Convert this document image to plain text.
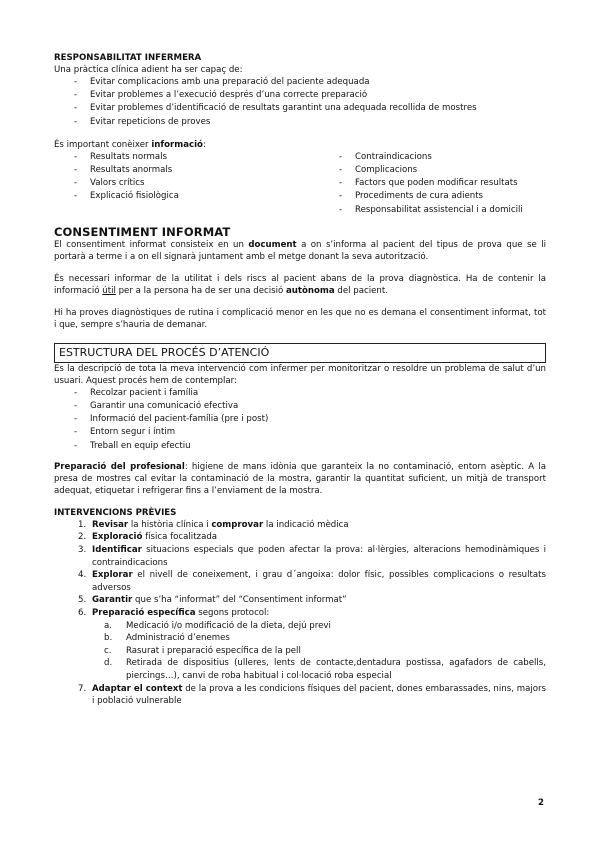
RESPONSABILITAT INFERMERA
Una pràctica clínica adient ha ser capaç de:
- Evitar complicacions amb una preparació del paciente adequada
- Evitar problemes a l’execució després d’una correcte preparació
- Evitar problemes d’identificació de resultats garantint una adequada recollida de mostres
- Evitar repeticions de proves
És important conèixer informació:
- Resultats normals
- Resultats anormals
- Valors crítics
- Explicació fisiològica
- Contraindicacions
- Complicacions
- Factors que poden modificar resultats
- Procediments de cura adients
- Responsabilitat assistencial i a domicili
CONSENTIMENT INFORMAT
El consentiment informat consisteix en un document a on s’informa al pacient del tipus de prova que se li portarà a terme i a on ell signarà juntament amb el metge donant la seva autorització.
És necessari informar de la utilitat i dels riscs al pacient abans de la prova diagnòstica. Ha de contenir la informació útil per a la persona ha de ser una decisió autònoma del pacient.
Hi ha proves diagnòstiques de rutina i complicació menor en les que no es demana el consentiment informat, tot i que, sempre s’hauria de demanar.
ESTRUCTURA DEL PROCÉS D’ATENCIÓ
Es la descripció de tota la meva intervenció com infermer per monitoritzar o resoldre un problema de salut d’un usuari. Aquest procés hem de contemplar:
- Recolzar pacient i família
- Garantir una comunicació efectiva
- Informació del pacient-família (pre i post)
- Entorn segur i íntim
- Treball en equip efectiu
Preparació del profesional: higiene de mans idònia que garanteix la no contaminació, entorn asèptic. A la presa de mostres cal evitar la contaminació de la mostra, garantir la quantitat suficient, un mitjà de transport adequat, etiquetar i refrigerar fins a l’enviament de la mostra.
INTERVENCIONS PRÈVIES
1. Revisar la història clínica i comprovar la indicació mèdica
2. Exploració física focalitzada
3. Identificar situacions especials que poden afectar la prova: al·lèrgies, alteracions hemodinàmiques i contraindicacions
4. Explorar el nivell de coneixement, i grau d´angoixa: dolor físic, possibles complicacions o resultats adversos
5. Garantir que s’ha “informat” del “Consentiment informat”
6. Preparació específica segons protocol:
a. Medicació i/o modificació de la dieta, dejú previ
b. Administració d’enemes
c. Rasurat i preparació específica de la pell
d. Retirada de dispositius (ulleres, lents de contacte,dentadura postissa, agafadors de cabells, piercings…), canvi de roba habitual i col·locació roba especial
7. Adaptar el context de la prova a les condicions físiques del pacient, dones embarassades, nins, majors i població vulnerable
2
